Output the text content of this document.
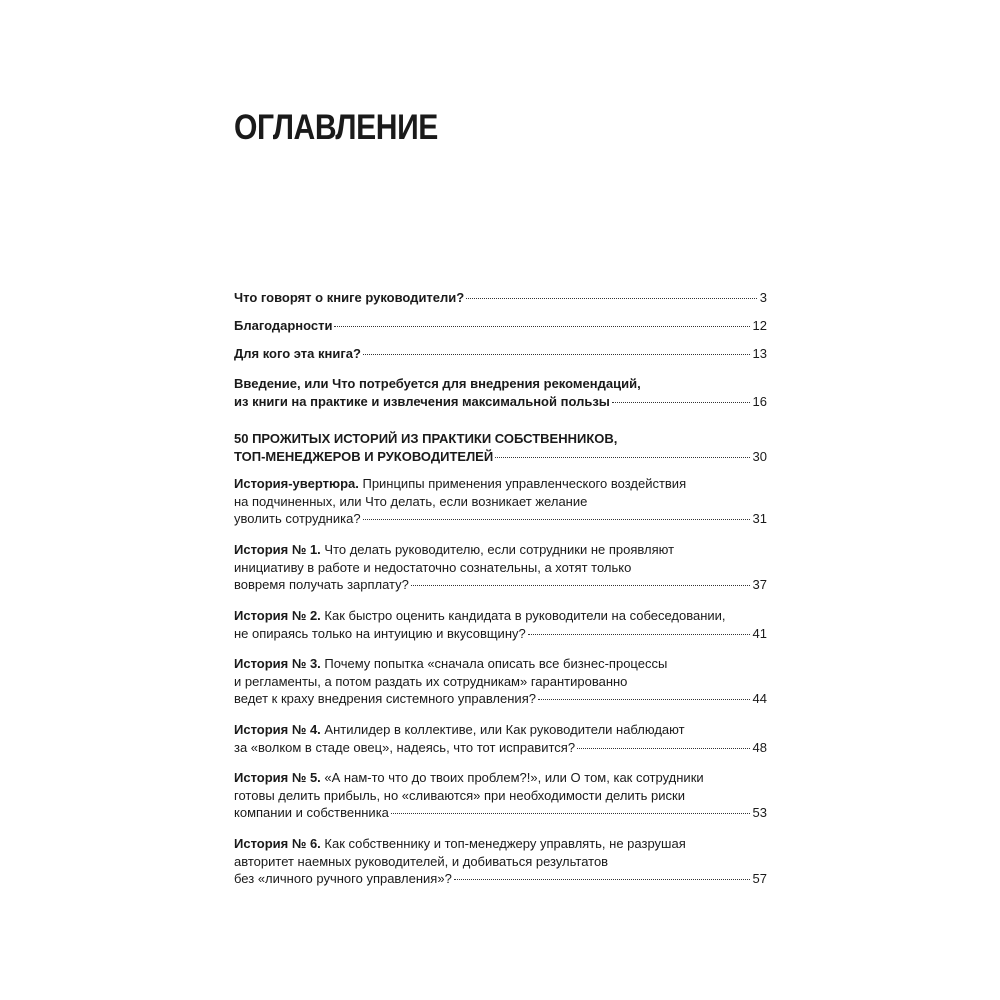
ОГЛАВЛЕНИЕ
Что говорят о книге руководители?	3
Благодарности	12
Для кого эта книга?	13
Введение, или Что потребуется для внедрения рекомендаций,
из книги на практике и извлечения максимальной пользы	16
50 ПРОЖИТЫХ ИСТОРИЙ ИЗ ПРАКТИКИ СОБСТВЕННИКОВ,
ТОП-МЕНЕДЖЕРОВ И РУКОВОДИТЕЛЕЙ	30
История-увертюра. Принципы применения управленческого воздействия
на подчиненных, или Что делать, если возникает желание
уволить сотрудника?	31
История № 1. Что делать руководителю, если сотрудники не проявляют
инициативу в работе и недостаточно сознательны, а хотят только
вовремя получать зарплату?	37
История № 2. Как быстро оценить кандидата в руководители на собеседовании,
не опираясь только на интуицию и вкусовщину?	41
История № 3. Почему попытка «сначала описать все бизнес-процессы
и регламенты, а потом раздать их сотрудникам» гарантированно
ведет к краху внедрения системного управления?	44
История № 4. Антилидер в коллективе, или Как руководители наблюдают
за «волком в стаде овец», надеясь, что тот исправится?	48
История № 5. «А нам-то что до твоих проблем?!», или О том, как сотрудники
готовы делить прибыль, но «сливаются» при необходимости делить риски
компании и собственника	53
История № 6. Как собственнику и топ-менеджеру управлять, не разрушая
авторитет наемных руководителей, и добиваться результатов
без «личного ручного управления»?	57
